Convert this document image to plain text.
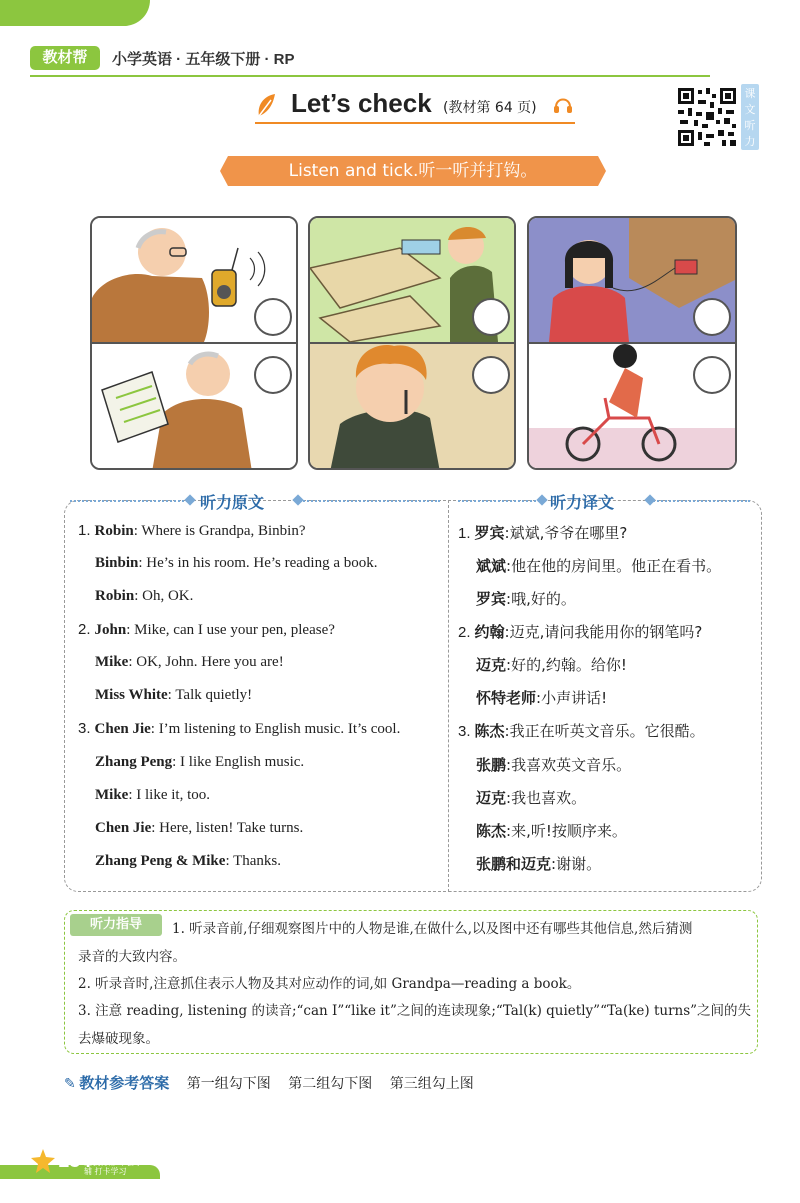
教材帮	小学英语 · 五年级下册 · RP
Let’s check (教材第 64 页)
课文听力
Listen and tick.听一听并打钩。
听力原文	听力译文
1. Robin: Where is Grandpa, Binbin?
Binbin: He’s in his room. He’s reading a book.
Robin: Oh, OK.
2. John: Mike, can I use your pen, please?
Mike: OK, John. Here you are!
Miss White: Talk quietly!
3. Chen Jie: I’m listening to English music. It’s cool.
Zhang Peng: I like English music.
Mike: I like it, too.
Chen Jie: Here, listen! Take turns.
Zhang Peng & Mike: Thanks.
1. 罗宾:斌斌,爷爷在哪里?
斌斌:他在他的房间里。他正在看书。
罗宾:哦,好的。
2. 约翰:迈克,请问我能用你的钢笔吗?
迈克:好的,约翰。给你!
怀特老师:小声讲话!
3. 陈杰:我正在听英文音乐。它很酷。
张鹏:我喜欢英文音乐。
迈克:我也喜欢。
陈杰:来,听!按顺序来。
张鹏和迈克:谢谢。
听力指导	1. 听录音前,仔细观察图片中的人物是谁,在做什么,以及图中还有哪些其他信息,然后猜测
录音的大致内容。
2. 听录音时,注意抓住表示人物及其对应动作的词,如 Grandpa—reading a book。
3. 注意 reading, listening 的读音;“can I”“like it”之间的连读现象;“Tal(k) quietly”“Ta(ke) turns”之间的失
去爆破现象。
✎ 教材参考答案 第一组勾下图 第二组勾下图 第三组勾上图
184
上教材帮 千套学辅 打卡学习
